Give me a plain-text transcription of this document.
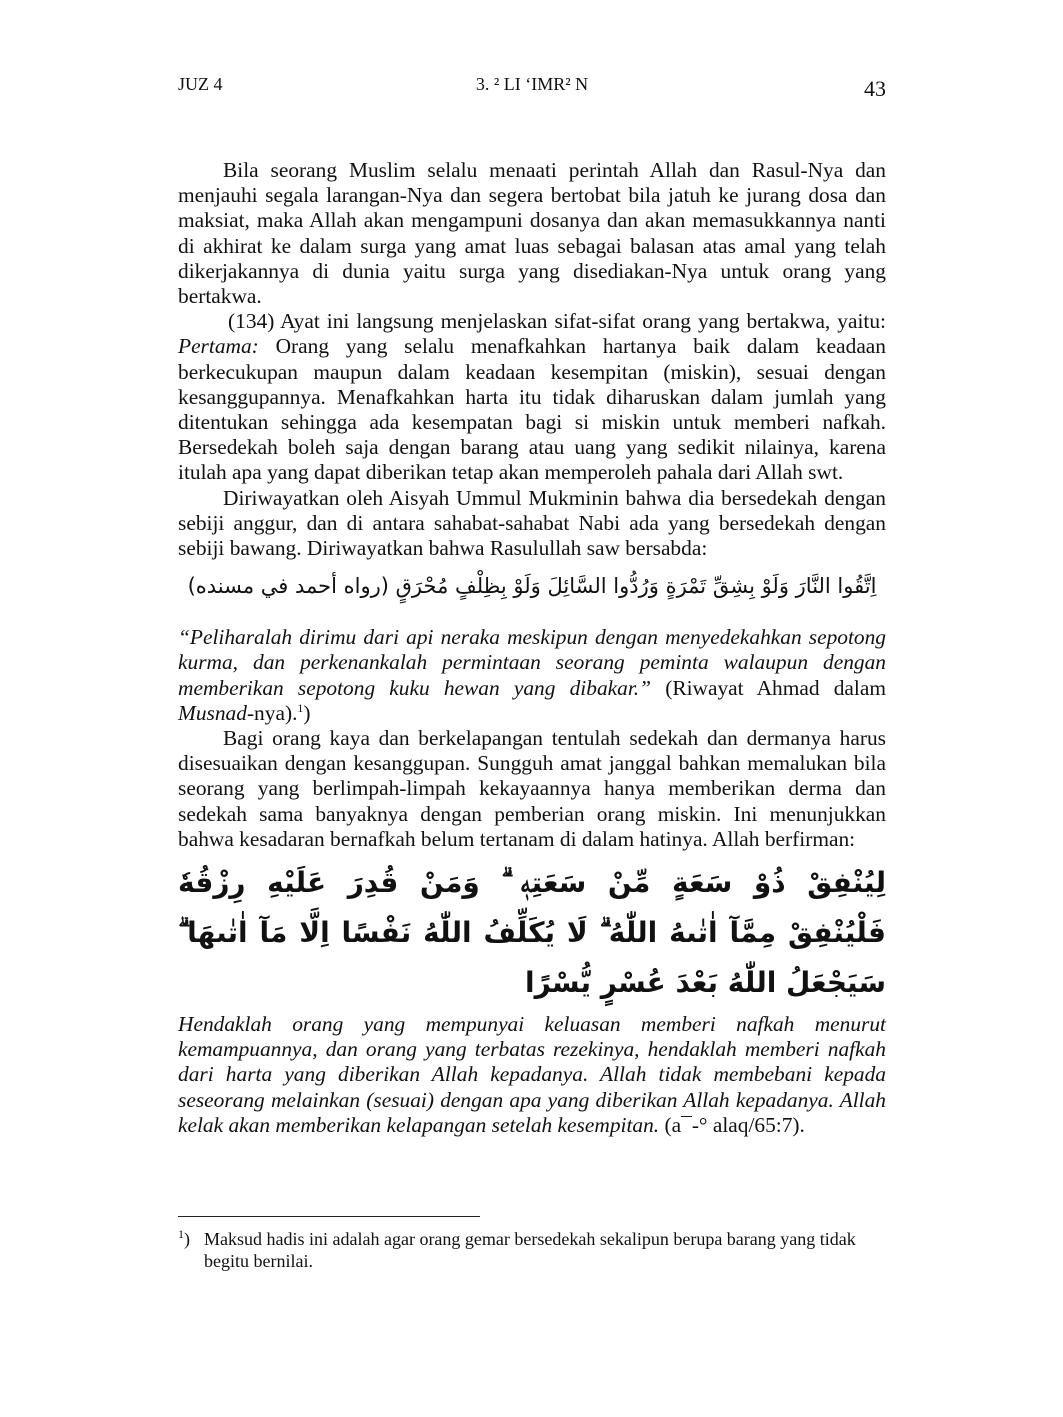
JUZ 4	3. ² LI ‘IMR² N	43

Bila seorang Muslim selalu menaati perintah Allah dan Rasul-Nya dan menjauhi segala larangan-Nya dan segera bertobat bila jatuh ke jurang dosa dan maksiat, maka Allah akan mengampuni dosanya dan akan memasukkannya nanti di akhirat ke dalam surga yang amat luas sebagai balasan atas amal yang telah dikerjakannya di dunia yaitu surga yang disediakan-Nya untuk orang yang bertakwa.

(134) Ayat ini langsung menjelaskan sifat-sifat orang yang bertakwa, yaitu: Pertama: Orang yang selalu menafkahkan hartanya baik dalam keadaan berkecukupan maupun dalam keadaan kesempitan (miskin), sesuai dengan kesanggupannya. Menafkahkan harta itu tidak diharuskan dalam jumlah yang ditentukan sehingga ada kesempatan bagi si miskin untuk memberi nafkah. Bersedekah boleh saja dengan barang atau uang yang sedikit nilainya, karena itulah apa yang dapat diberikan tetap akan memperoleh pahala dari Allah swt.

Diriwayatkan oleh Aisyah Ummul Mukminin bahwa dia bersedekah dengan sebiji anggur, dan di antara sahabat-sahabat Nabi ada yang bersedekah dengan sebiji bawang. Diriwayatkan bahwa Rasulullah saw bersabda:

اِتَّقُوا النَّارَ وَلَوْ بِشِقِّ تَمْرَةٍ وَرُدُّوا السَّائِلَ وَلَوْ بِظِلْفٍ مُحْرَقٍ (رواه أحمد في مسنده)

“Peliharalah dirimu dari api neraka meskipun dengan menyedekahkan sepotong kurma, dan perkenankalah permintaan seorang peminta walaupun dengan memberikan sepotong kuku hewan yang dibakar.” (Riwayat Ahmad dalam Musnad-nya).$^1$)

Bagi orang kaya dan berkelapangan tentulah sedekah dan dermanya harus disesuaikan dengan kesanggupan. Sungguh amat janggal bahkan memalukan bila seorang yang berlimpah-limpah kekayaannya hanya memberikan derma dan sedekah sama banyaknya dengan pemberian orang miskin. Ini menunjukkan bahwa kesadaran bernafkah belum tertanam di dalam hatinya. Allah berfirman:

لِيُنْفِقْ ذُوْ سَعَةٍ مِّنْ سَعَتِهٖ ۗ وَمَنْ قُدِرَ عَلَيْهِ رِزْقُهٗ فَلْيُنْفِقْ مِمَّآ اٰتٰىهُ اللّٰهُ ۗ لَا يُكَلِّفُ اللّٰهُ نَفْسًا اِلَّا مَآ اٰتٰىهَا ۗ سَيَجْعَلُ اللّٰهُ بَعْدَ عُسْرٍ يُّسْرًا

Hendaklah orang yang mempunyai keluasan memberi nafkah menurut kemampuannya, dan orang yang terbatas rezekinya, hendaklah memberi nafkah dari harta yang diberikan Allah kepadanya. Allah tidak membebani kepada seseorang melainkan (sesuai) dengan apa yang diberikan Allah kepadanya. Allah kelak akan memberikan kelapangan setelah kesempitan. (a¯-° alaq/65:7).

$^1$) Maksud hadis ini adalah agar orang gemar bersedekah sekalipun berupa barang yang tidak begitu bernilai.
